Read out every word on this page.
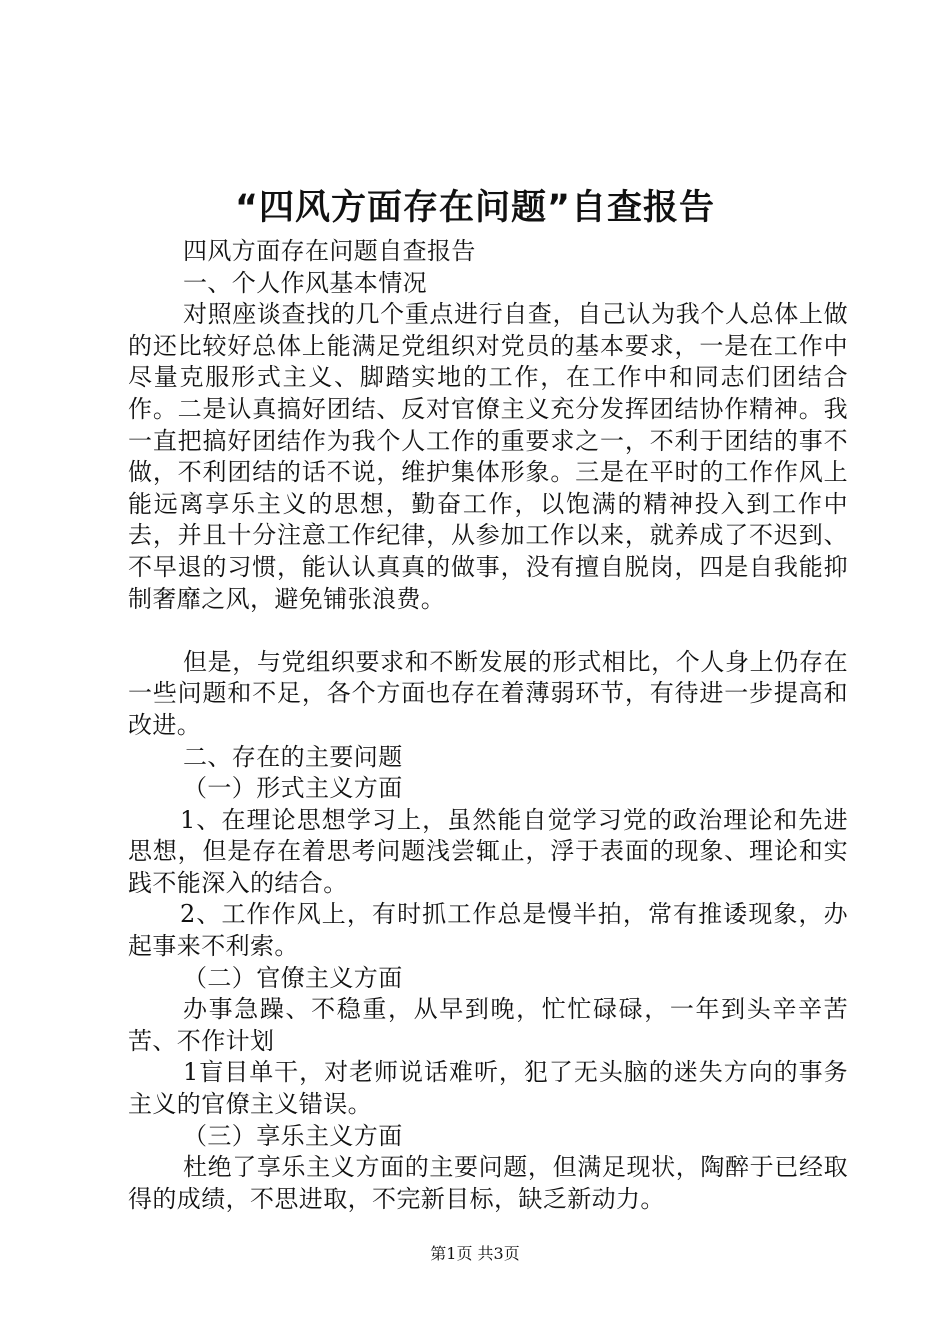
“四风方面存在问题”自查报告

四风方面存在问题自查报告

一、个人作风基本情况

对照座谈查找的几个重点进行自查，自己认为我个人总体上做的还比较好总体上能满足党组织对党员的基本要求，一是在工作中尽量克服形式主义、脚踏实地的工作，在工作中和同志们团结合作。二是认真搞好团结、反对官僚主义充分发挥团结协作精神。我一直把搞好团结作为我个人工作的重要求之一，不利于团结的事不做，不利团结的话不说，维护集体形象。三是在平时的工作作风上能远离享乐主义的思想，勤奋工作，以饱满的精神投入到工作中去，并且十分注意工作纪律，从参加工作以来，就养成了不迟到、不早退的习惯，能认认真真的做事，没有擅自脱岗，四是自我能抑制奢靡之风，避免铺张浪费。

但是，与党组织要求和不断发展的形式相比，个人身上仍存在一些问题和不足，各个方面也存在着薄弱环节，有待进一步提高和改进。

二、存在的主要问题

（一）形式主义方面

1、在理论思想学习上，虽然能自觉学习党的政治理论和先进思想，但是存在着思考问题浅尝辄止，浮于表面的现象、理论和实践不能深入的结合。

2、工作作风上，有时抓工作总是慢半拍，常有推诿现象，办起事来不利索。

（二）官僚主义方面

办事急躁、不稳重，从早到晚，忙忙碌碌，一年到头辛辛苦苦、不作计划

1盲目单干，对老师说话难听，犯了无头脑的迷失方向的事务主义的官僚主义错误。

（三）享乐主义方面

杜绝了享乐主义方面的主要问题，但满足现状，陶醉于已经取得的成绩，不思进取，不完新目标，缺乏新动力。

第1页 共3页
